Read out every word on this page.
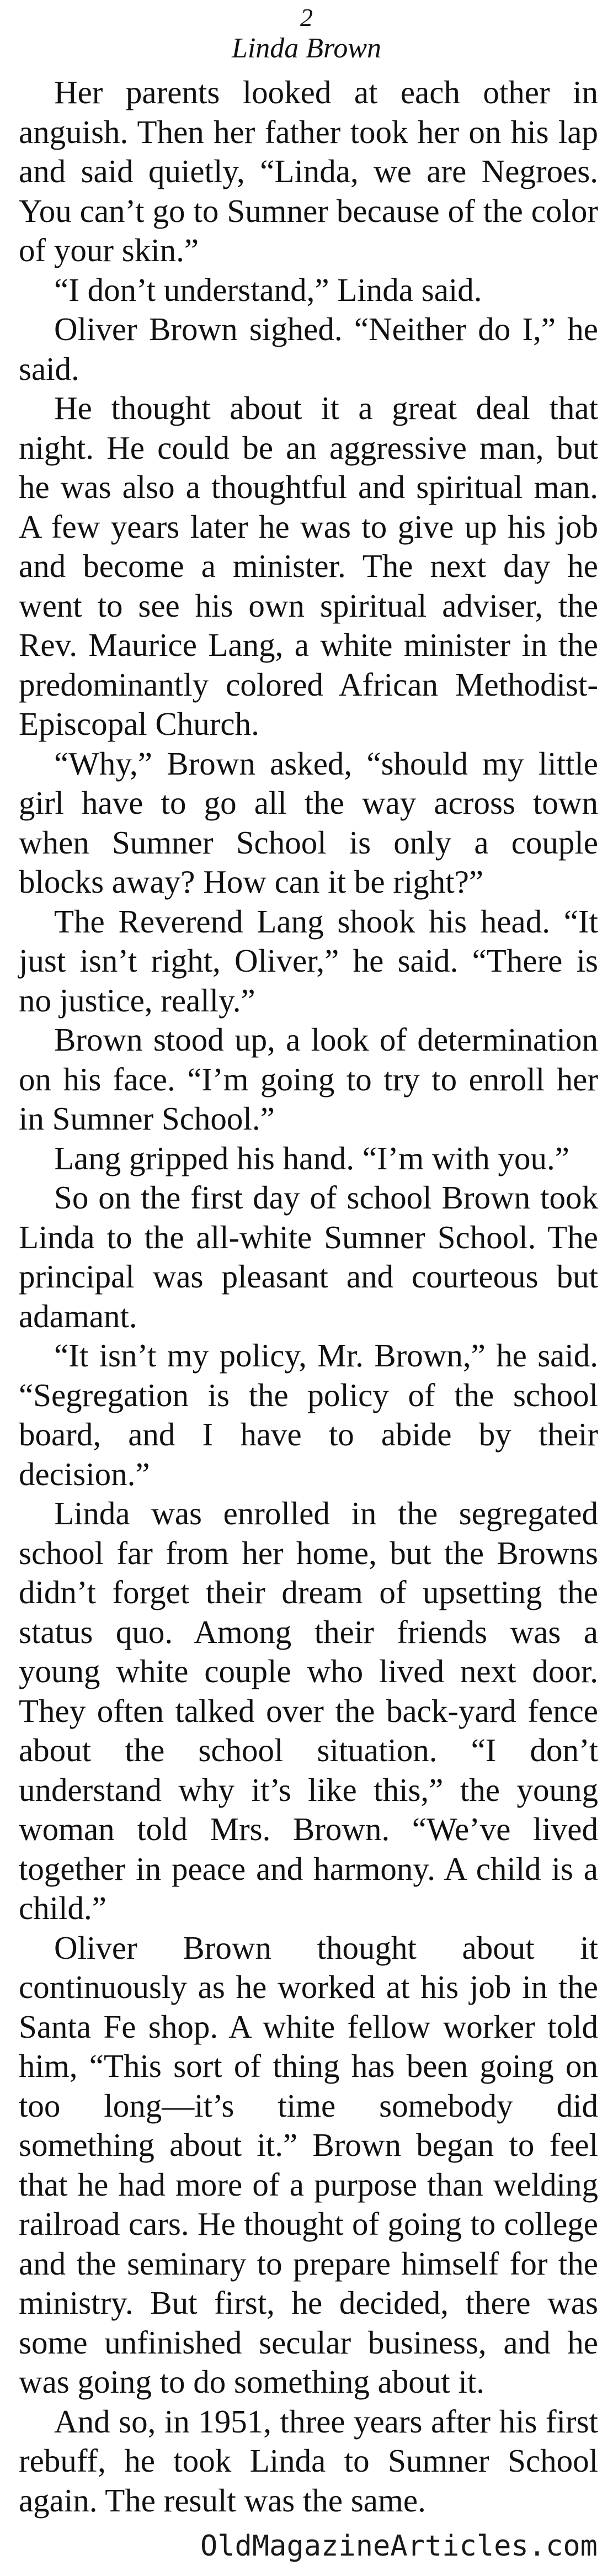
2
Linda Brown

Her parents looked at each other in anguish. Then her father took her on his lap and said quietly, “Linda, we are Negroes. You can’t go to Sumner because of the color of your skin.”

“I don’t understand,” Linda said.

Oliver Brown sighed. “Neither do I,” he said.

He thought about it a great deal that night. He could be an aggressive man, but he was also a thoughtful and spiritual man. A few years later he was to give up his job and become a minister. The next day he went to see his own spiritual adviser, the Rev. Maurice Lang, a white minister in the predominantly colored African Methodist-Episcopal Church.

“Why,” Brown asked, “should my little girl have to go all the way across town when Sumner School is only a couple blocks away? How can it be right?”

The Reverend Lang shook his head. “It just isn’t right, Oliver,” he said. “There is no justice, really.”

Brown stood up, a look of determination on his face. “I’m going to try to enroll her in Sumner School.”

Lang gripped his hand. “I’m with you.”

So on the first day of school Brown took Linda to the all-white Sumner School. The principal was pleasant and courteous but adamant.

“It isn’t my policy, Mr. Brown,” he said. “Segregation is the policy of the school board, and I have to abide by their decision.”

Linda was enrolled in the segregated school far from her home, but the Browns didn’t forget their dream of upsetting the status quo. Among their friends was a young white couple who lived next door. They often talked over the back-yard fence about the school situation. “I don’t understand why it’s like this,” the young woman told Mrs. Brown. “We’ve lived together in peace and harmony. A child is a child.”

Oliver Brown thought about it continuously as he worked at his job in the Santa Fe shop. A white fellow worker told him, “This sort of thing has been going on too long—it’s time somebody did something about it.” Brown began to feel that he had more of a purpose than welding railroad cars. He thought of going to college and the seminary to prepare himself for the ministry. But first, he decided, there was some unfinished secular business, and he was going to do something about it.

And so, in 1951, three years after his first rebuff, he took Linda to Sumner School again. The result was the same.

OldMagazineArticles.com
